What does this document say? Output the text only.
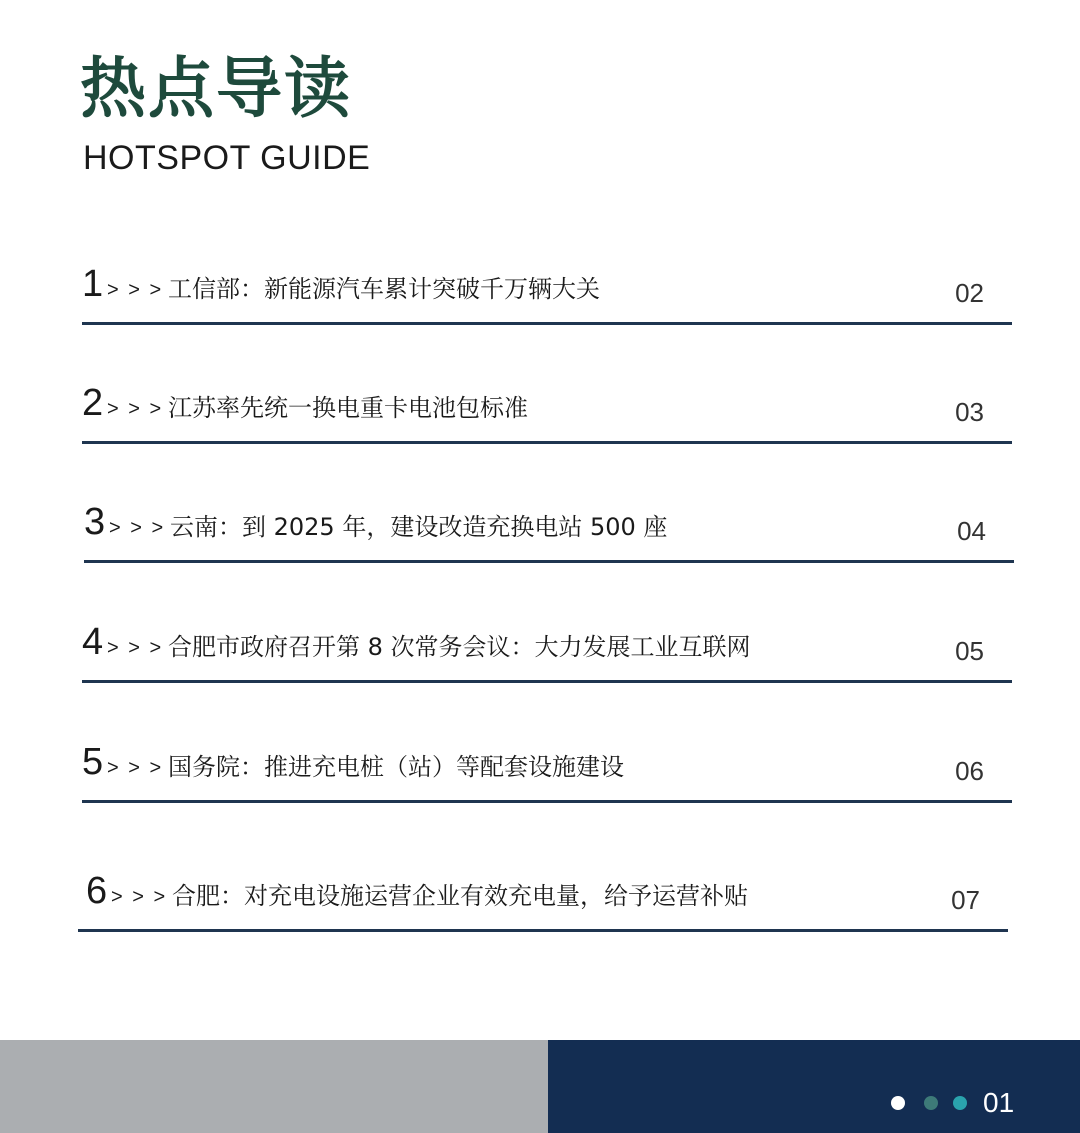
热点导读
HOTSPOT GUIDE
1 > > > 工信部：新能源汽车累计突破千万辆大关	02
2 > > > 江苏率先统一换电重卡电池包标准	03
3 > > > 云南：到 2025 年，建设改造充换电站 500 座	04
4 > > > 合肥市政府召开第 8 次常务会议：大力发展工业互联网	05
5 > > > 国务院：推进充电桩（站）等配套设施建设	06
6 > > > 合肥：对充电设施运营企业有效充电量，给予运营补贴	07
01
